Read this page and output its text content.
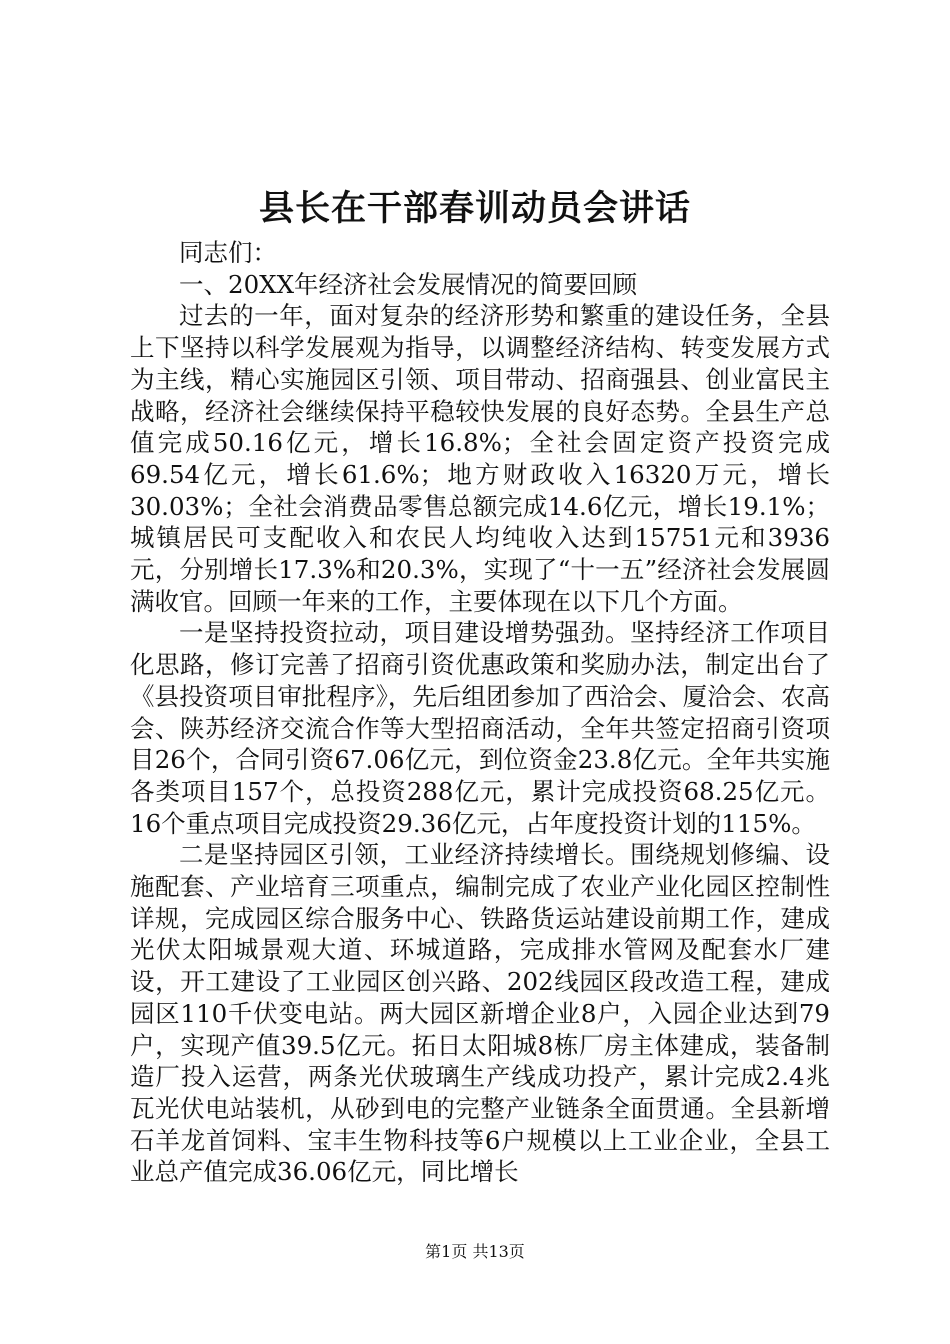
县长在干部春训动员会讲话

同志们：

一、20XX年经济社会发展情况的简要回顾

过去的一年，面对复杂的经济形势和繁重的建设任务，全县上下坚持以科学发展观为指导，以调整经济结构、转变发展方式为主线，精心实施园区引领、项目带动、招商强县、创业富民主战略，经济社会继续保持平稳较快发展的良好态势。全县生产总值完成50.16亿元，增长16.8%；全社会固定资产投资完成69.54亿元，增长61.6%；地方财政收入16320万元，增长30.03%；全社会消费品零售总额完成14.6亿元，增长19.1%；城镇居民可支配收入和农民人均纯收入达到15751元和3936元，分别增长17.3%和20.3%，实现了“十一五”经济社会发展圆满收官。回顾一年来的工作，主要体现在以下几个方面。

一是坚持投资拉动，项目建设增势强劲。坚持经济工作项目化思路，修订完善了招商引资优惠政策和奖励办法，制定出台了《县投资项目审批程序》，先后组团参加了西洽会、厦洽会、农高会、陕苏经济交流合作等大型招商活动，全年共签定招商引资项目26个，合同引资67.06亿元，到位资金23.8亿元。全年共实施各类项目157个，总投资288亿元，累计完成投资68.25亿元。16个重点项目完成投资29.36亿元，占年度投资计划的115%。

二是坚持园区引领，工业经济持续增长。围绕规划修编、设施配套、产业培育三项重点，编制完成了农业产业化园区控制性详规，完成园区综合服务中心、铁路货运站建设前期工作，建成光伏太阳城景观大道、环城道路，完成排水管网及配套水厂建设，开工建设了工业园区创兴路、202线园区段改造工程，建成园区110千伏变电站。两大园区新增企业8户，入园企业达到79户，实现产值39.5亿元。拓日太阳城8栋厂房主体建成，装备制造厂投入运营，两条光伏玻璃生产线成功投产，累计完成2.4兆瓦光伏电站装机，从砂到电的完整产业链条全面贯通。全县新增石羊龙首饲料、宝丰生物科技等6户规模以上工业企业，全县工业总产值完成36.06亿元，同比增长

第1页 共13页
